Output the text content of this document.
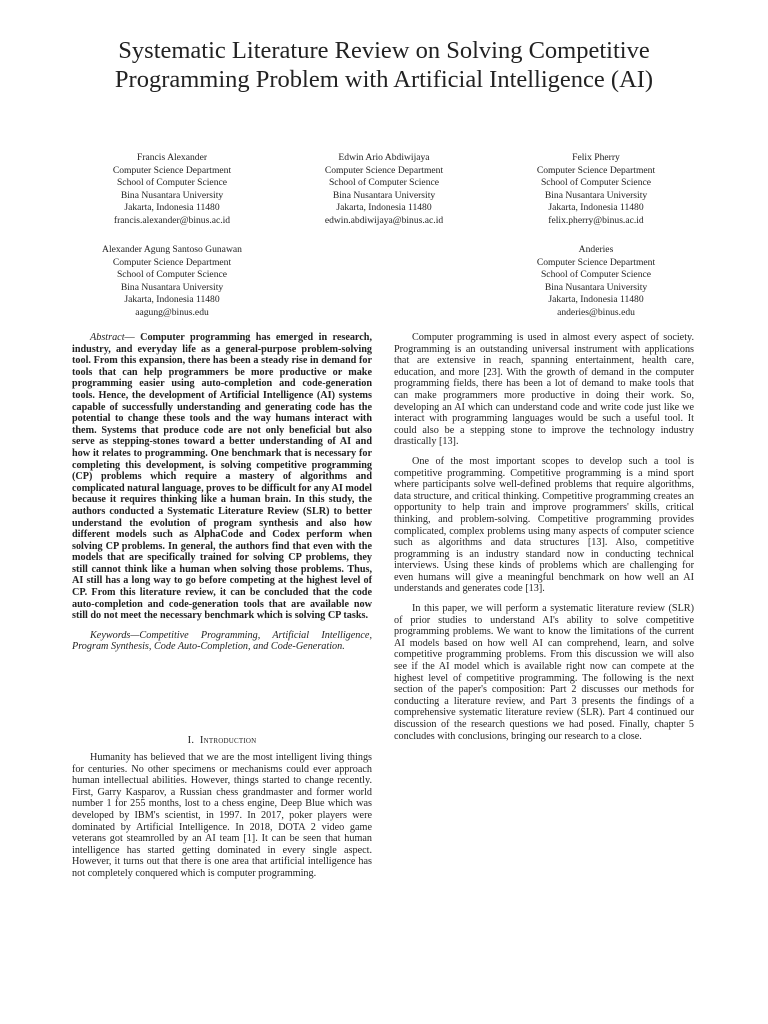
Systematic Literature Review on Solving Competitive Programming Problem with Artificial Intelligence (AI)
Francis Alexander
Computer Science Department
School of Computer Science
Bina Nusantara University
Jakarta, Indonesia 11480
francis.alexander@binus.ac.id
Edwin Ario Abdiwijaya
Computer Science Department
School of Computer Science
Bina Nusantara University
Jakarta, Indonesia 11480
edwin.abdiwijaya@binus.ac.id
Felix Pherry
Computer Science Department
School of Computer Science
Bina Nusantara University
Jakarta, Indonesia 11480
felix.pherry@binus.ac.id
Alexander Agung Santoso Gunawan
Computer Science Department
School of Computer Science
Bina Nusantara University
Jakarta, Indonesia 11480
aagung@binus.edu
Anderies
Computer Science Department
School of Computer Science
Bina Nusantara University
Jakarta, Indonesia 11480
anderies@binus.edu

Abstract— Computer programming has emerged in research, industry, and everyday life as a general-purpose problem-solving tool. From this expansion, there has been a steady rise in demand for tools that can help programmers be more productive or make programming easier using auto-completion and code-generation tools. Hence, the development of Artificial Intelligence (AI) systems capable of successfully understanding and generating code has the potential to change these tools and the way humans interact with them. Systems that produce code are not only beneficial but also serve as stepping-stones toward a better understanding of AI and how it relates to programming. One benchmark that is necessary for completing this development, is solving competitive programming (CP) problems which require a mastery of algorithms and complicated natural language, proves to be difficult for any AI model because it requires thinking like a human brain. In this study, the authors conducted a Systematic Literature Review (SLR) to better understand the evolution of program synthesis and also how different models such as AlphaCode and Codex perform when solving CP problems. In general, the authors find that even with the models that are specifically trained for solving CP problems, they still cannot think like a human when solving those problems. Thus, AI still has a long way to go before competing at the highest level of CP. From this literature review, it can be concluded that the code auto-completion and code-generation tools that are available now still do not meet the necessary benchmark which is solving CP tasks.

Keywords—Competitive Programming, Artificial Intelligence, Program Synthesis, Code Auto-Completion, and Code-Generation.

I. Introduction

Humanity has believed that we are the most intelligent living things for centuries. No other specimens or mechanisms could ever approach human intellectual abilities. However, things started to change recently. First, Garry Kasparov, a Russian chess grandmaster and former world number 1 for 255 months, lost to a chess engine, Deep Blue which was developed by IBM's scientist, in 1997. In 2017, poker players were dominated by Artificial Intelligence. In 2018, DOTA 2 video game veterans got steamrolled by an AI team [1]. It can be seen that human intelligence has started getting dominated in every single aspect. However, it turns out that there is one area that artificial intelligence has not completely conquered which is computer programming.

Computer programming is used in almost every aspect of society. Programming is an outstanding universal instrument with applications that are extensive in reach, spanning entertainment, health care, education, and more [23]. With the growth of demand in the computer programming fields, there has been a lot of demand to make tools that can make programmers more productive in doing their work. So, developing an AI which can understand code and write code just like we interact with programming languages would be such a useful tool. It could also be a stepping stone to improve the technology industry drastically [13].

One of the most important scopes to develop such a tool is competitive programming. Competitive programming is a mind sport where participants solve well-defined problems that require algorithms, data structure, and critical thinking. Competitive programming creates an opportunity to help train and improve programmers' skills, critical thinking, and problem-solving. Competitive programming provides complicated, complex problems using many aspects of computer science such as algorithms and data structures [13]. Also, competitive programming is an industry standard now in conducting technical interviews. Using these kinds of problems which are challenging for even humans will give a meaningful benchmark on how well an AI understands and generates code [13].

In this paper, we will perform a systematic literature review (SLR) of prior studies to understand AI's ability to solve competitive programming problems. We want to know the limitations of the current AI models based on how well AI can comprehend, learn, and solve competitive programming problems. From this discussion we will also see if the AI model which is available right now can compete at the highest level of competitive programming. The following is the next section of the paper's composition: Part 2 discusses our methods for conducting a literature review, and Part 3 presents the findings of a comprehensive systematic literature review (SLR). Part 4 continued our discussion of the research questions we had posed. Finally, chapter 5 concludes with conclusions, bringing our research to a close.
